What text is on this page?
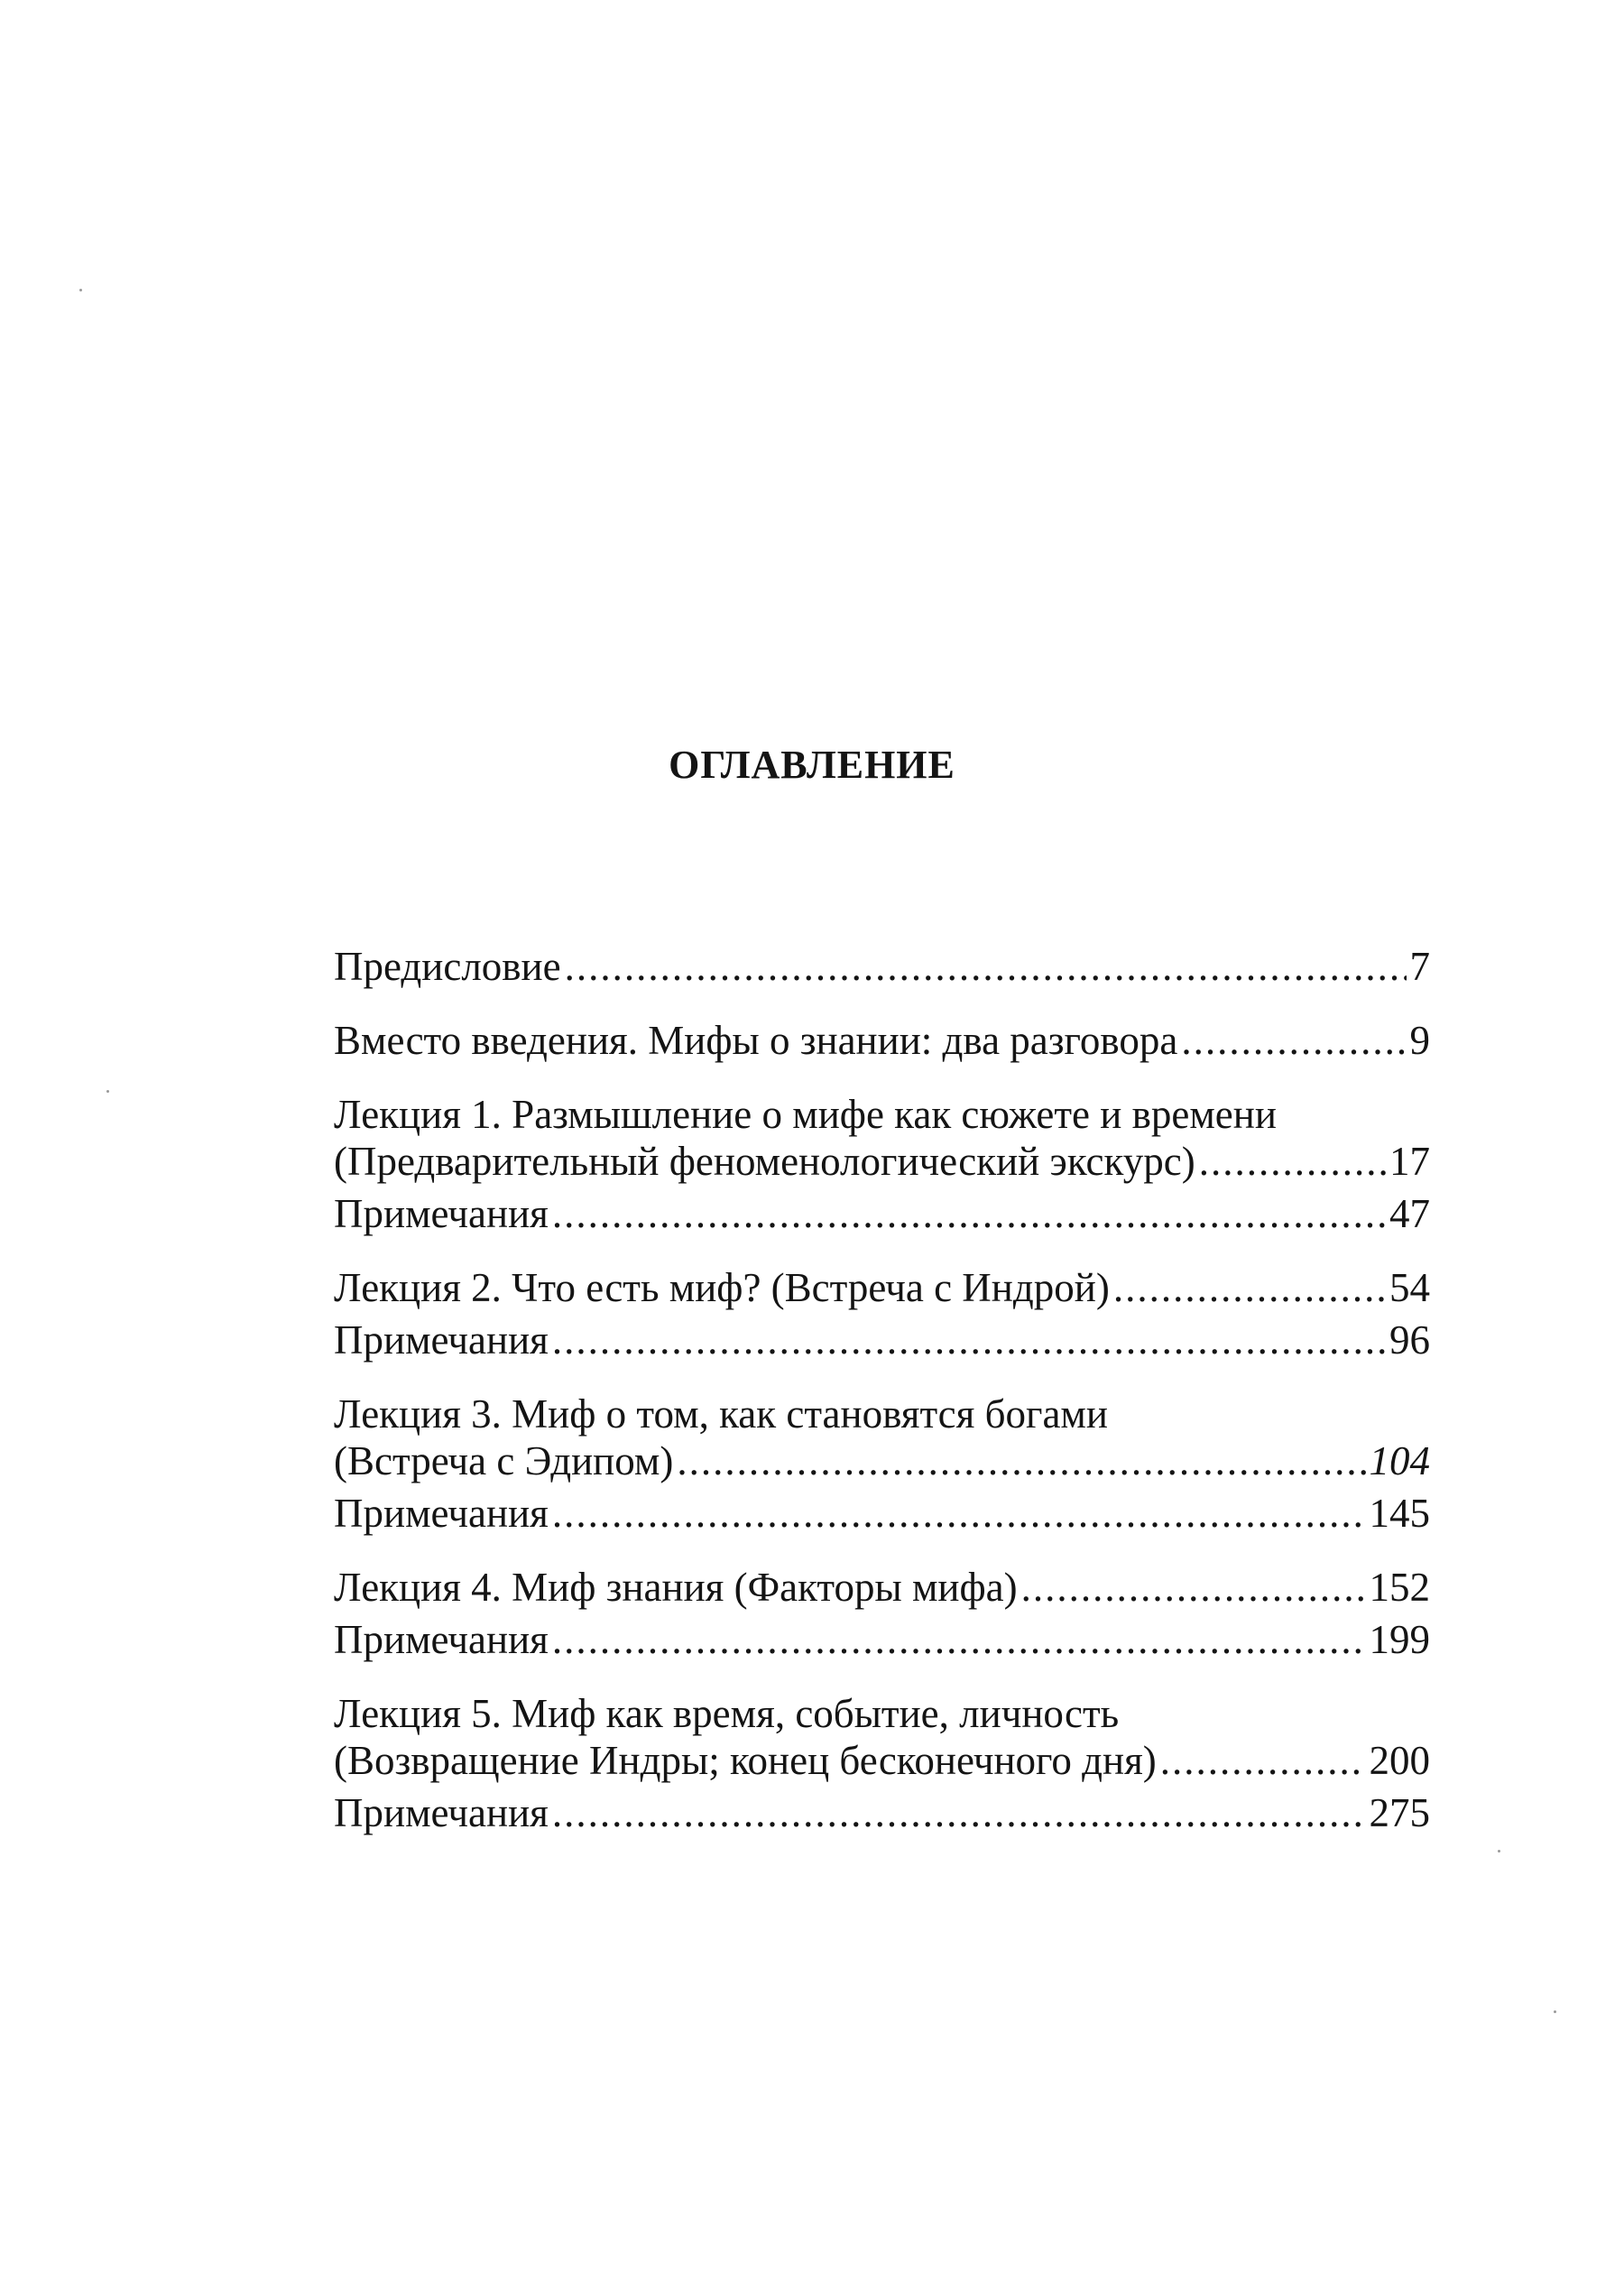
ОГЛАВЛЕНИЕ
Предисловие .....	7
Вместо введения. Мифы о знании: два разговора .....	9
Лекция 1. Размышление о мифе как сюжете и времени
(Предварительный феноменологический экскурс) .....	17
Примечания .....	47
Лекция 2. Что есть миф? (Встреча с Индрой) .....	54
Примечания .....	96
Лекция 3. Миф о том, как становятся богами
(Встреча с Эдипом) .....	104
Примечания .....	145
Лекция 4. Миф знания (Факторы мифа) .....	152
Примечания .....	199
Лекция 5. Миф как время, событие, личность
(Возвращение Индры; конец бесконечного дня) .....	200
Примечания .....	275
